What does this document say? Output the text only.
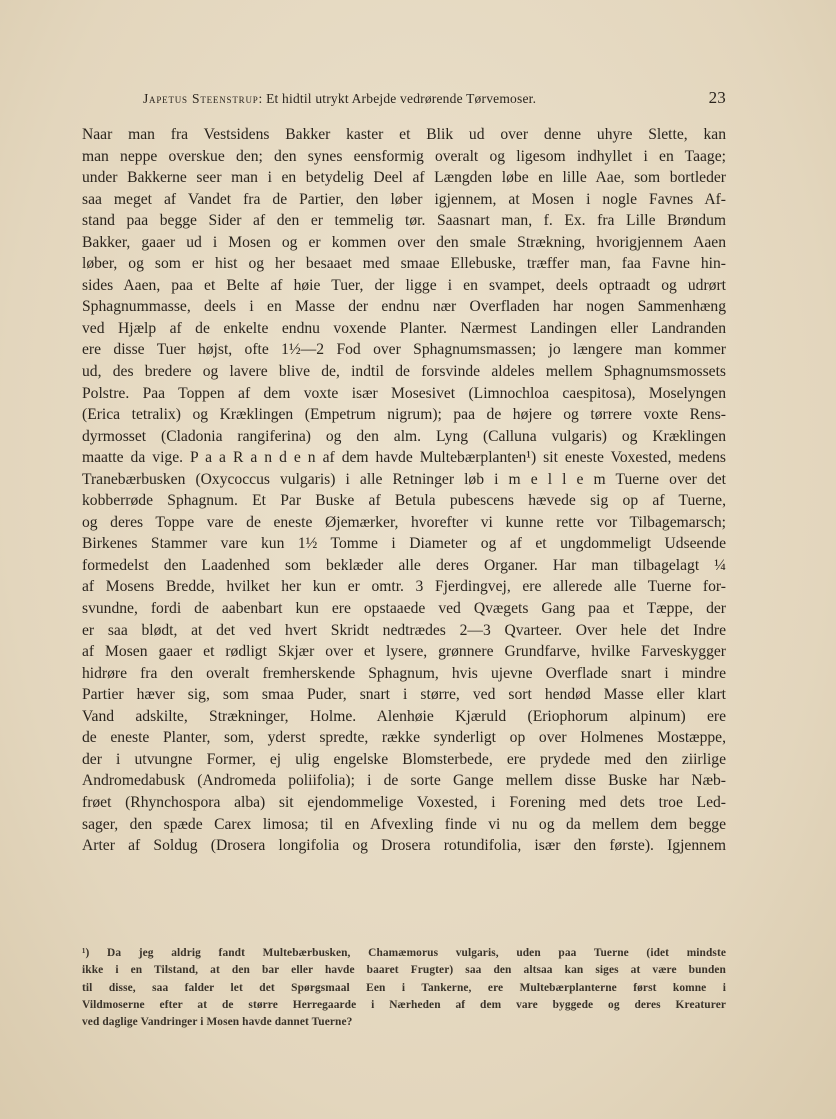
Japetus Steenstrup: Et hidtil utrykt Arbejde vedrørende Tørvemoser.	23
Naar man fra Vestsidens Bakker kaster et Blik ud over denne uhyre Slette, kan
man neppe overskue den; den synes eensformig overalt og ligesom indhyllet i en Taage;
under Bakkerne seer man i en betydelig Deel af Længden løbe en lille Aae, som bortleder
saa meget af Vandet fra de Partier, den løber igjennem, at Mosen i nogle Favnes Af-
stand paa begge Sider af den er temmelig tør. Saasnart man, f. Ex. fra Lille Brøndum
Bakker, gaaer ud i Mosen og er kommen over den smale Strækning, hvorigjennem Aaen
løber, og som er hist og her besaaet med smaae Ellebuske, træffer man, faa Favne hin-
sides Aaen, paa et Belte af høie Tuer, der ligge i en svampet, deels optraadt og udrørt
Sphagnummasse, deels i en Masse der endnu nær Overfladen har nogen Sammenhæng
ved Hjælp af de enkelte endnu voxende Planter. Nærmest Landingen eller Landranden
ere disse Tuer højst, ofte 1½—2 Fod over Sphagnumsmassen; jo længere man kommer
ud, des bredere og lavere blive de, indtil de forsvinde aldeles mellem Sphagnumsmossets
Polstre. Paa Toppen af dem voxte især Mosesivet (Limnochloa caespitosa), Moselyngen
(Erica tetralix) og Kræklingen (Empetrum nigrum); paa de højere og tørrere voxte Rens-
dyrmosset (Cladonia rangiferina) og den alm. Lyng (Calluna vulgaris) og Kræklingen
maatte da vige. P a a R a n d e n af dem havde Multebærplanten¹) sit eneste Voxested, medens
Tranebærbusken (Oxycoccus vulgaris) i alle Retninger løb i m e l l e m Tuerne over det
kobberrøde Sphagnum. Et Par Buske af Betula pubescens hævede sig op af Tuerne,
og deres Toppe vare de eneste Øjemærker, hvorefter vi kunne rette vor Tilbagemarsch;
Birkenes Stammer vare kun 1½ Tomme i Diameter og af et ungdommeligt Udseende
formedelst den Laadenhed som beklæder alle deres Organer. Har man tilbagelagt ¼
af Mosens Bredde, hvilket her kun er omtr. 3 Fjerdingvej, ere allerede alle Tuerne for-
svundne, fordi de aabenbart kun ere opstaaede ved Qvægets Gang paa et Tæppe, der
er saa blødt, at det ved hvert Skridt nedtrædes 2—3 Qvarteer. Over hele det Indre
af Mosen gaaer et rødligt Skjær over et lysere, grønnere Grundfarve, hvilke Farveskygger
hidrøre fra den overalt fremherskende Sphagnum, hvis ujevne Overflade snart i mindre
Partier hæver sig, som smaa Puder, snart i større, ved sort hendød Masse eller klart
Vand adskilte, Strækninger, Holme. Alenhøie Kjæruld (Eriophorum alpinum) ere
de eneste Planter, som, yderst spredte, række synderligt op over Holmenes Mostæppe,
der i utvungne Former, ej ulig engelske Blomsterbede, ere prydede med den ziirlige
Andromedabusk (Andromeda poliifolia); i de sorte Gange mellem disse Buske har Næb-
frøet (Rhynchospora alba) sit ejendommelige Voxested, i Forening med dets troe Led-
sager, den spæde Carex limosa; til en Afvexling finde vi nu og da mellem dem begge
Arter af Soldug (Drosera longifolia og Drosera rotundifolia, især den første). Igjennem
¹) Da jeg aldrig fandt Multebærbusken, Chamæmorus vulgaris, uden paa Tuerne (idet mindste
ikke i en Tilstand, at den bar eller havde baaret Frugter) saa den altsaa kan siges at være bunden
til disse, saa falder let det Spørgsmaal Een i Tankerne, ere Multebærplanterne først komne i
Vildmoserne efter at de større Herregaarde i Nærheden af dem vare byggede og deres Kreaturer
ved daglige Vandringer i Mosen havde dannet Tuerne?
